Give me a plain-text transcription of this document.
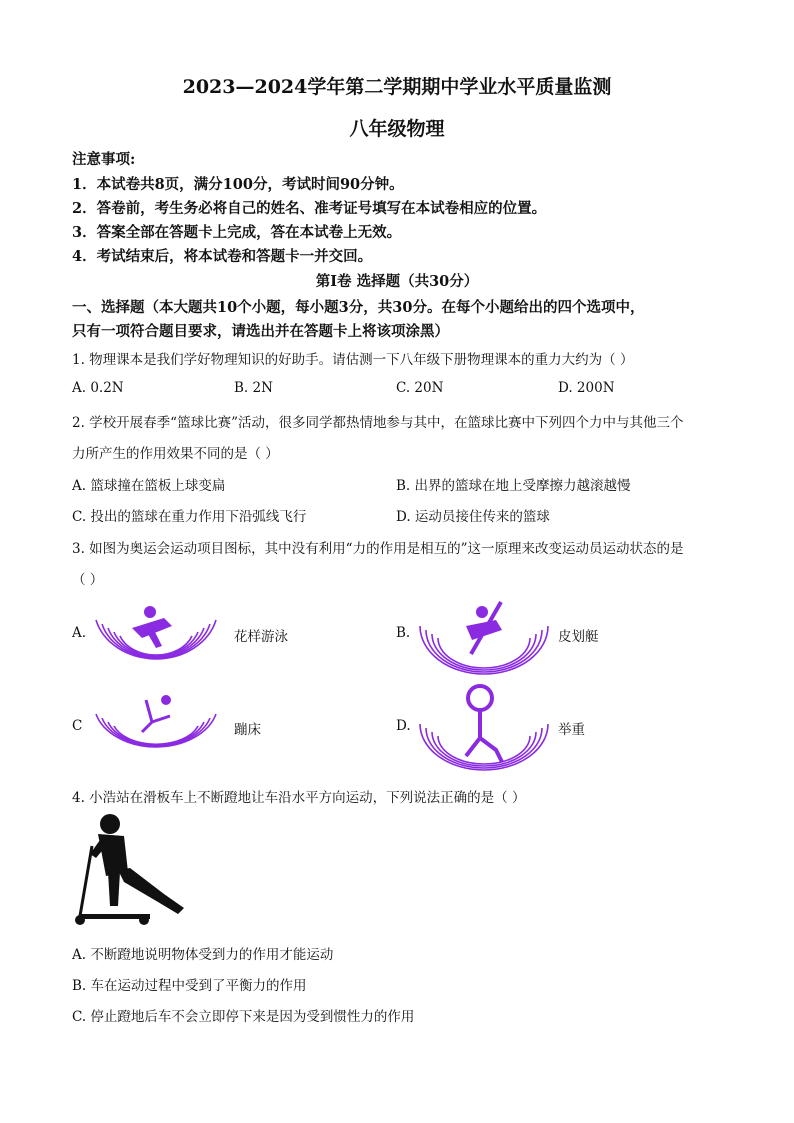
2023—2024学年第二学期期中学业水平质量监测
八年级物理
注意事项:
1．本试卷共8页，满分100分，考试时间90分钟。
2．答卷前，考生务必将自己的姓名、准考证号填写在本试卷相应的位置。
3．答案全部在答题卡上完成，答在本试卷上无效。
4．考试结束后，将本试卷和答题卡一并交回。
第Ⅰ卷 选择题（共30分）
一、选择题（本大题共10个小题，每小题3分，共30分。在每个小题给出的四个选项中，
只有一项符合题目要求，请选出并在答题卡上将该项涂黑）
1. 物理课本是我们学好物理知识的好助手。请估测一下八年级下册物理课本的重力大约为（ ）
A. 0.2N	B. 2N	C. 20N	D. 200N
2. 学校开展春季“篮球比赛”活动，很多同学都热情地参与其中，在篮球比赛中下列四个力中与其他三个
力所产生的作用效果不同的是（ ）
A. 篮球撞在篮板上球变扁	B. 出界的篮球在地上受摩擦力越滚越慢
C. 投出的篮球在重力作用下沿弧线飞行	D. 运动员接住传来的篮球
3. 如图为奥运会运动项目图标，其中没有利用“力的作用是相互的”这一原理来改变运动员运动状态的是
（ ）
A.	花样游泳	B.	皮划艇
C	蹦床	D.	举重
4. 小浩站在滑板车上不断蹬地让车沿水平方向运动，下列说法正确的是（ ）
A. 不断蹬地说明物体受到力的作用才能运动
B. 车在运动过程中受到了平衡力的作用
C. 停止蹬地后车不会立即停下来是因为受到惯性力的作用
